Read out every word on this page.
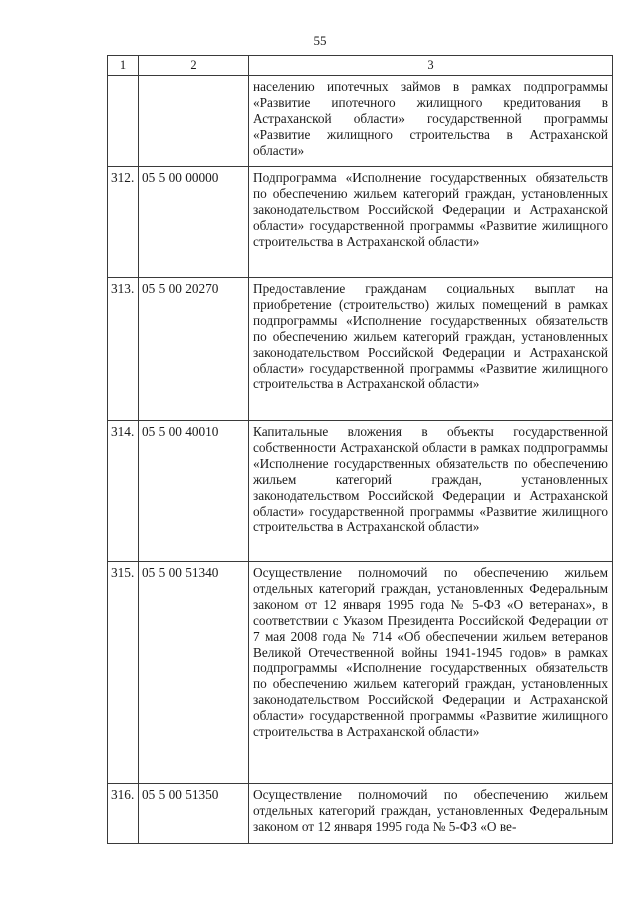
55
1	2	3
		населению ипотечных займов в рамках подпрограммы «Развитие ипотечного жилищного кредитования в Астраханской области» государственной программы «Развитие жилищного строительства в Астраханской области»
312.	05 5 00 00000	Подпрограмма «Исполнение государственных обязательств по обеспечению жильем категорий граждан, установленных законодательством Российской Федерации и Астраханской области» государственной программы «Развитие жилищного строительства в Астраханской области»
313.	05 5 00 20270	Предоставление гражданам социальных выплат на приобретение (строительство) жилых помещений в рамках подпрограммы «Исполнение государственных обязательств по обеспечению жильем категорий граждан, установленных законодательством Российской Федерации и Астраханской области» государственной программы «Развитие жилищного строительства в Астраханской области»
314.	05 5 00 40010	Капитальные вложения в объекты государственной собственности Астраханской области в рамках подпрограммы «Исполнение государственных обязательств по обеспечению жильем категорий граждан, установленных законодательством Российской Федерации и Астраханской области» государственной программы «Развитие жилищного строительства в Астраханской области»
315.	05 5 00 51340	Осуществление полномочий по обеспечению жильем отдельных категорий граждан, установленных Федеральным законом от 12 января 1995 года № 5-ФЗ «О ветеранах», в соответствии с Указом Президента Российской Федерации от 7 мая 2008 года № 714 «Об обеспечении жильем ветеранов Великой Отечественной войны 1941-1945 годов» в рамках подпрограммы «Исполнение государственных обязательств по обеспечению жильем категорий граждан, установленных законодательством Российской Федерации и Астраханской области» государственной программы «Развитие жилищного строительства в Астраханской области»
316.	05 5 00 51350	Осуществление полномочий по обеспечению жильем отдельных категорий граждан, установленных Федеральным законом от 12 января 1995 года № 5-ФЗ «О ве-
